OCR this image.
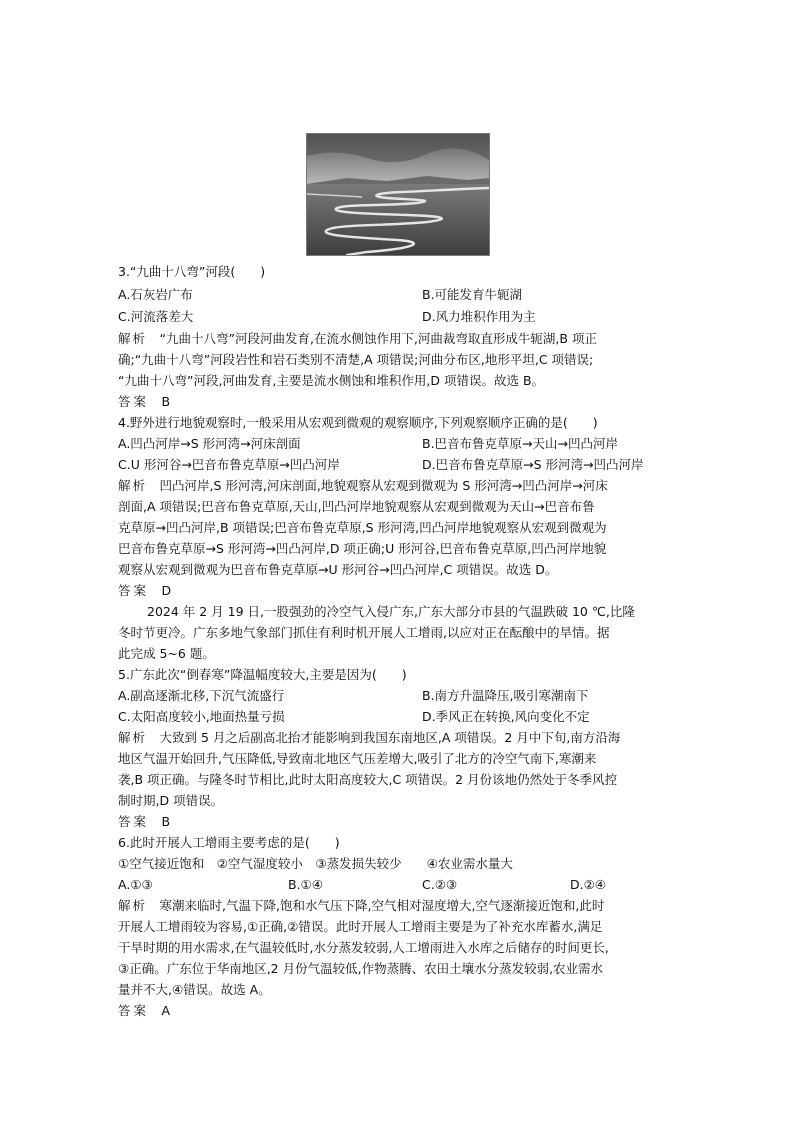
3.“九曲十八弯”河段(　　)
A.石灰岩广布	B.可能发育牛轭湖
C.河流落差大	D.风力堆积作用为主
解析　 “九曲十八弯”河段河曲发育,在流水侧蚀作用下,河曲裁弯取直形成牛轭湖,B 项正
确;“九曲十八弯”河段岩性和岩石类别不清楚,A 项错误;河曲分布区,地形平坦,C 项错误;
“九曲十八弯”河段,河曲发育,主要是流水侧蚀和堆积作用,D 项错误。故选 B。
答案　 B
4.野外进行地貌观察时,一般采用从宏观到微观的观察顺序,下列观察顺序正确的是(　　)
A.凹凸河岸→S 形河湾→河床剖面	B.巴音布鲁克草原→天山→凹凸河岸
C.U 形河谷→巴音布鲁克草原→凹凸河岸	D.巴音布鲁克草原→S 形河湾→凹凸河岸
解析　 凹凸河岸,S 形河湾,河床剖面,地貌观察从宏观到微观为 S 形河湾→凹凸河岸→河床
剖面,A 项错误;巴音布鲁克草原,天山,凹凸河岸地貌观察从宏观到微观为天山→巴音布鲁
克草原→凹凸河岸,B 项错误;巴音布鲁克草原,S 形河湾,凹凸河岸地貌观察从宏观到微观为
巴音布鲁克草原→S 形河湾→凹凸河岸,D 项正确;U 形河谷,巴音布鲁克草原,凹凸河岸地貌
观察从宏观到微观为巴音布鲁克草原→U 形河谷→凹凸河岸,C 项错误。故选 D。
答案　 D
2024 年 2 月 19 日,一股强劲的冷空气入侵广东,广东大部分市县的气温跌破 10 ℃,比隆
冬时节更冷。广东多地气象部门抓住有利时机开展人工增雨,以应对正在酝酿中的旱情。据
此完成 5~6 题。
5.广东此次“倒春寒”降温幅度较大,主要是因为(　　)
A.副高逐渐北移,下沉气流盛行	B.南方升温降压,吸引寒潮南下
C.太阳高度较小,地面热量亏损	D.季风正在转换,风向变化不定
解析　 大致到 5 月之后副高北抬才能影响到我国东南地区,A 项错误。2 月中下旬,南方沿海
地区气温开始回升,气压降低,导致南北地区气压差增大,吸引了北方的冷空气南下,寒潮来
袭,B 项正确。与隆冬时节相比,此时太阳高度较大,C 项错误。2 月份该地仍然处于冬季风控
制时期,D 项错误。
答案　 B
6.此时开展人工增雨主要考虑的是(　　)
①空气接近饱和　②空气湿度较小　③蒸发损失较少　　④农业需水量大
A.①③	B.①④	C.②③	D.②④
解析　 寒潮来临时,气温下降,饱和水气压下降,空气相对湿度增大,空气逐渐接近饱和,此时
开展人工增雨较为容易,①正确,②错误。此时开展人工增雨主要是为了补充水库蓄水,满足
干旱时期的用水需求,在气温较低时,水分蒸发较弱,人工增雨进入水库之后储存的时间更长,
③正确。广东位于华南地区,2 月份气温较低,作物蒸腾、农田土壤水分蒸发较弱,农业需水
量并不大,④错误。故选 A。
答案　 A
